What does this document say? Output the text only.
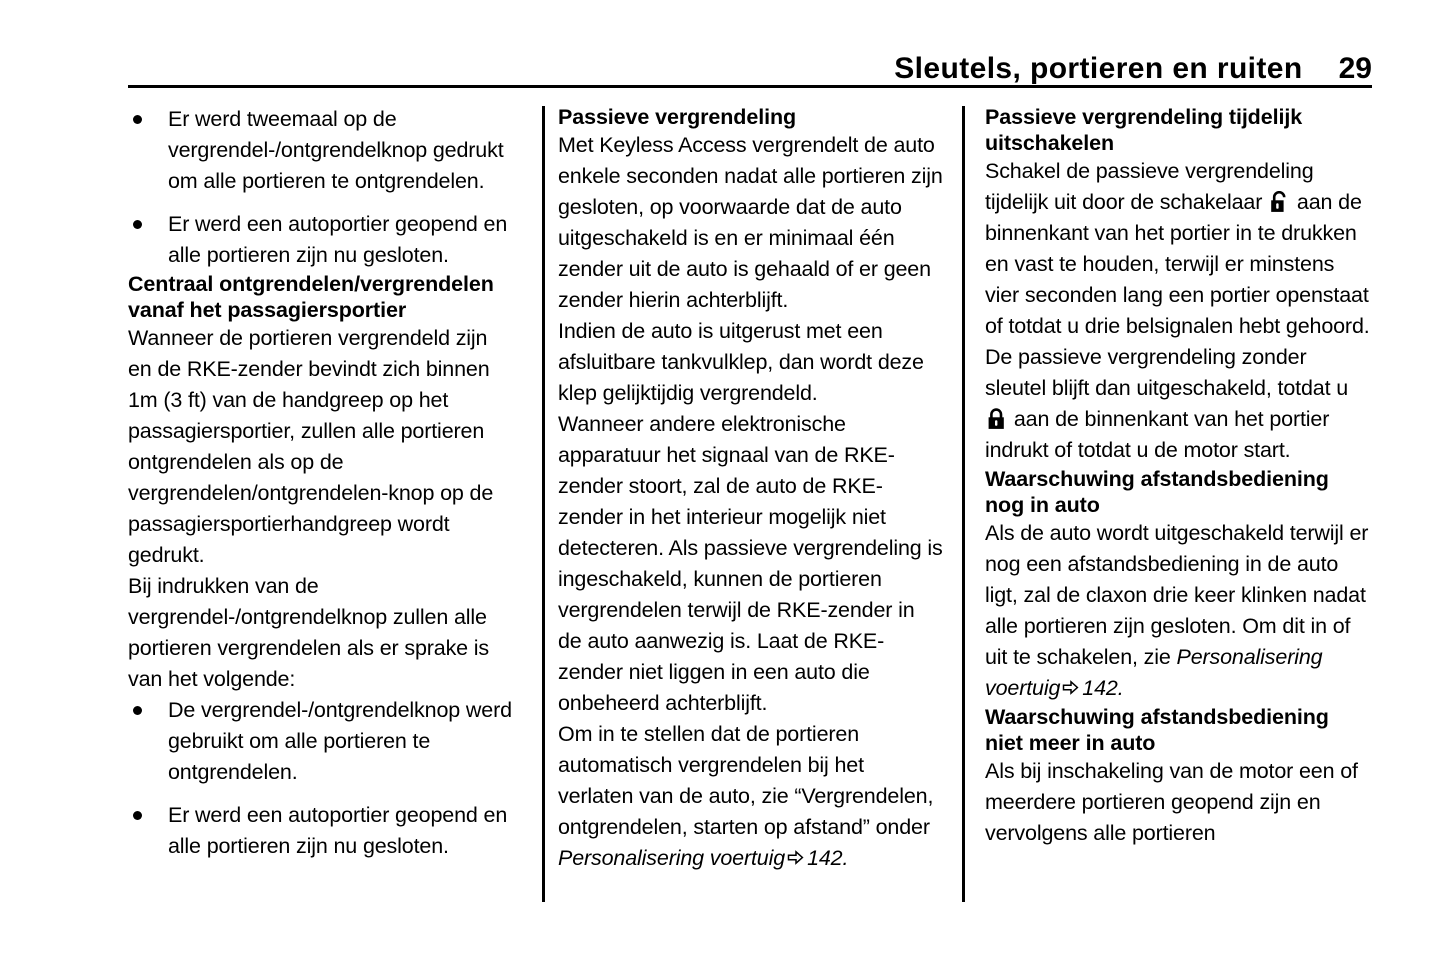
Sleutels, portieren en ruiten 29
Er werd tweemaal op de vergrendel-/ontgrendelknop gedrukt om alle portieren te ontgrendelen.
Er werd een autoportier geopend en alle portieren zijn nu gesloten.
Centraal ontgrendelen/vergrendelen vanaf het passagiersportier

Wanneer de portieren vergrendeld zijn en de RKE-zender bevindt zich binnen 1m (3 ft) van de handgreep op het passagiersportier, zullen alle portieren ontgrendelen als op de vergrendelen/ontgrendelen-knop op de passagiersportierhandgreep wordt gedrukt.

Bij indrukken van de vergrendel-/ontgrendelknop zullen alle portieren vergrendelen als er sprake is van het volgende:

De vergrendel-/ontgrendelknop werd gebruikt om alle portieren te ontgrendelen.
Er werd een autoportier geopend en alle portieren zijn nu gesloten.
Passieve vergrendeling

Met Keyless Access vergrendelt de auto enkele seconden nadat alle portieren zijn gesloten, op voorwaarde dat de auto uitgeschakeld is en er minimaal één zender uit de auto is gehaald of er geen zender hierin achterblijft.

Indien de auto is uitgerust met een afsluitbare tankvulklep, dan wordt deze klep gelijktijdig vergrendeld.

Wanneer andere elektronische apparatuur het signaal van de RKE-zender stoort, zal de auto de RKE-zender in het interieur mogelijk niet detecteren. Als passieve vergrendeling is ingeschakeld, kunnen de portieren vergrendelen terwijl de RKE-zender in de auto aanwezig is. Laat de RKE-zender niet liggen in een auto die onbeheerd achterblijft.

Om in te stellen dat de portieren automatisch vergrendelen bij het verlaten van de auto, zie “Vergrendelen, ontgrendelen, starten op afstand” onder Personalisering voertuig 142.

Passieve vergrendeling tijdelijk uitschakelen

Schakel de passieve vergrendeling tijdelijk uit door de schakelaar
aan de binnenkant van het portier in te drukken en vast te houden, terwijl er minstens vier seconden lang een portier openstaat of totdat u drie belsignalen hebt gehoord. De passieve vergrendeling zonder sleutel blijft dan uitgeschakeld, totdat u
aan de binnenkant van het portier indrukt of totdat u de motor start.

Waarschuwing afstandsbediening nog in auto

Als de auto wordt uitgeschakeld terwijl er nog een afstandsbediening in de auto ligt, zal de claxon drie keer klinken nadat alle portieren zijn gesloten. Om dit in of uit te schakelen, zie Personalisering voertuig 142.

Waarschuwing afstandsbediening niet meer in auto

Als bij inschakeling van de motor een of meerdere portieren geopend zijn en vervolgens alle portieren
